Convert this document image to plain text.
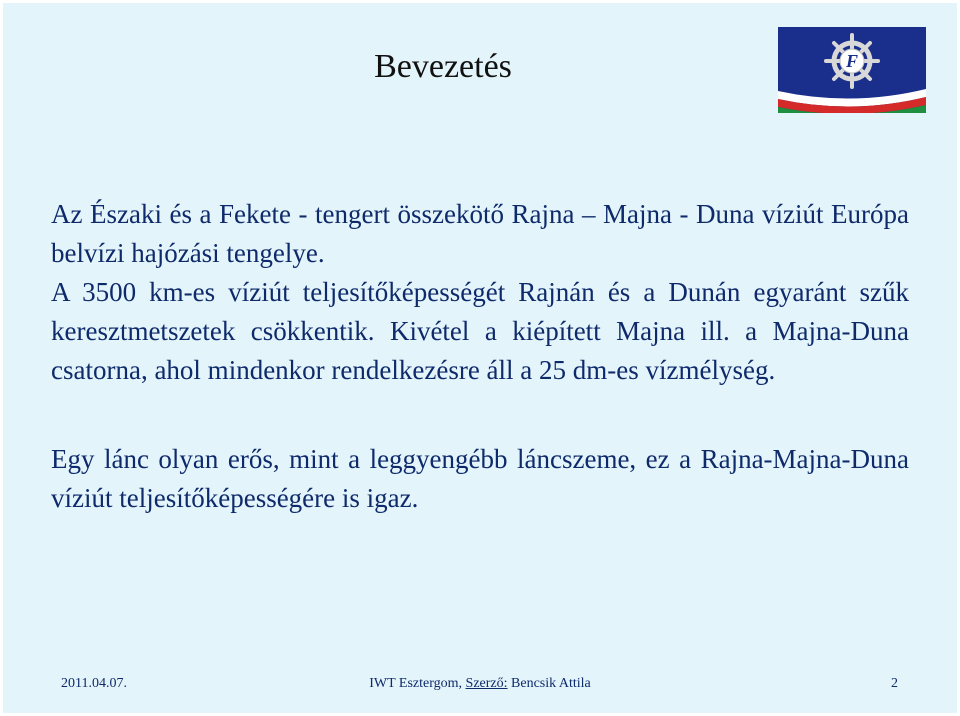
Bevezetés	F

Az Északi és a Fekete - tengert összekötő Rajna – Majna - Duna víziút Európa belvízi hajózási tengelye.

A 3500 km-es víziút teljesítőképességét Rajnán és a Dunán egyaránt szűk keresztmetszetek csökkentik. Kivétel a kiépített Majna ill. a Majna-Duna csatorna, ahol mindenkor rendelkezésre áll a 25 dm-es vízmélység.

Egy lánc olyan erős, mint a leggyengébb láncszeme, ez a Rajna-Majna-Duna víziút teljesítőképességére is igaz.

2011.04.07.	IWT Esztergom, Szerző: Bencsik Attila	2
